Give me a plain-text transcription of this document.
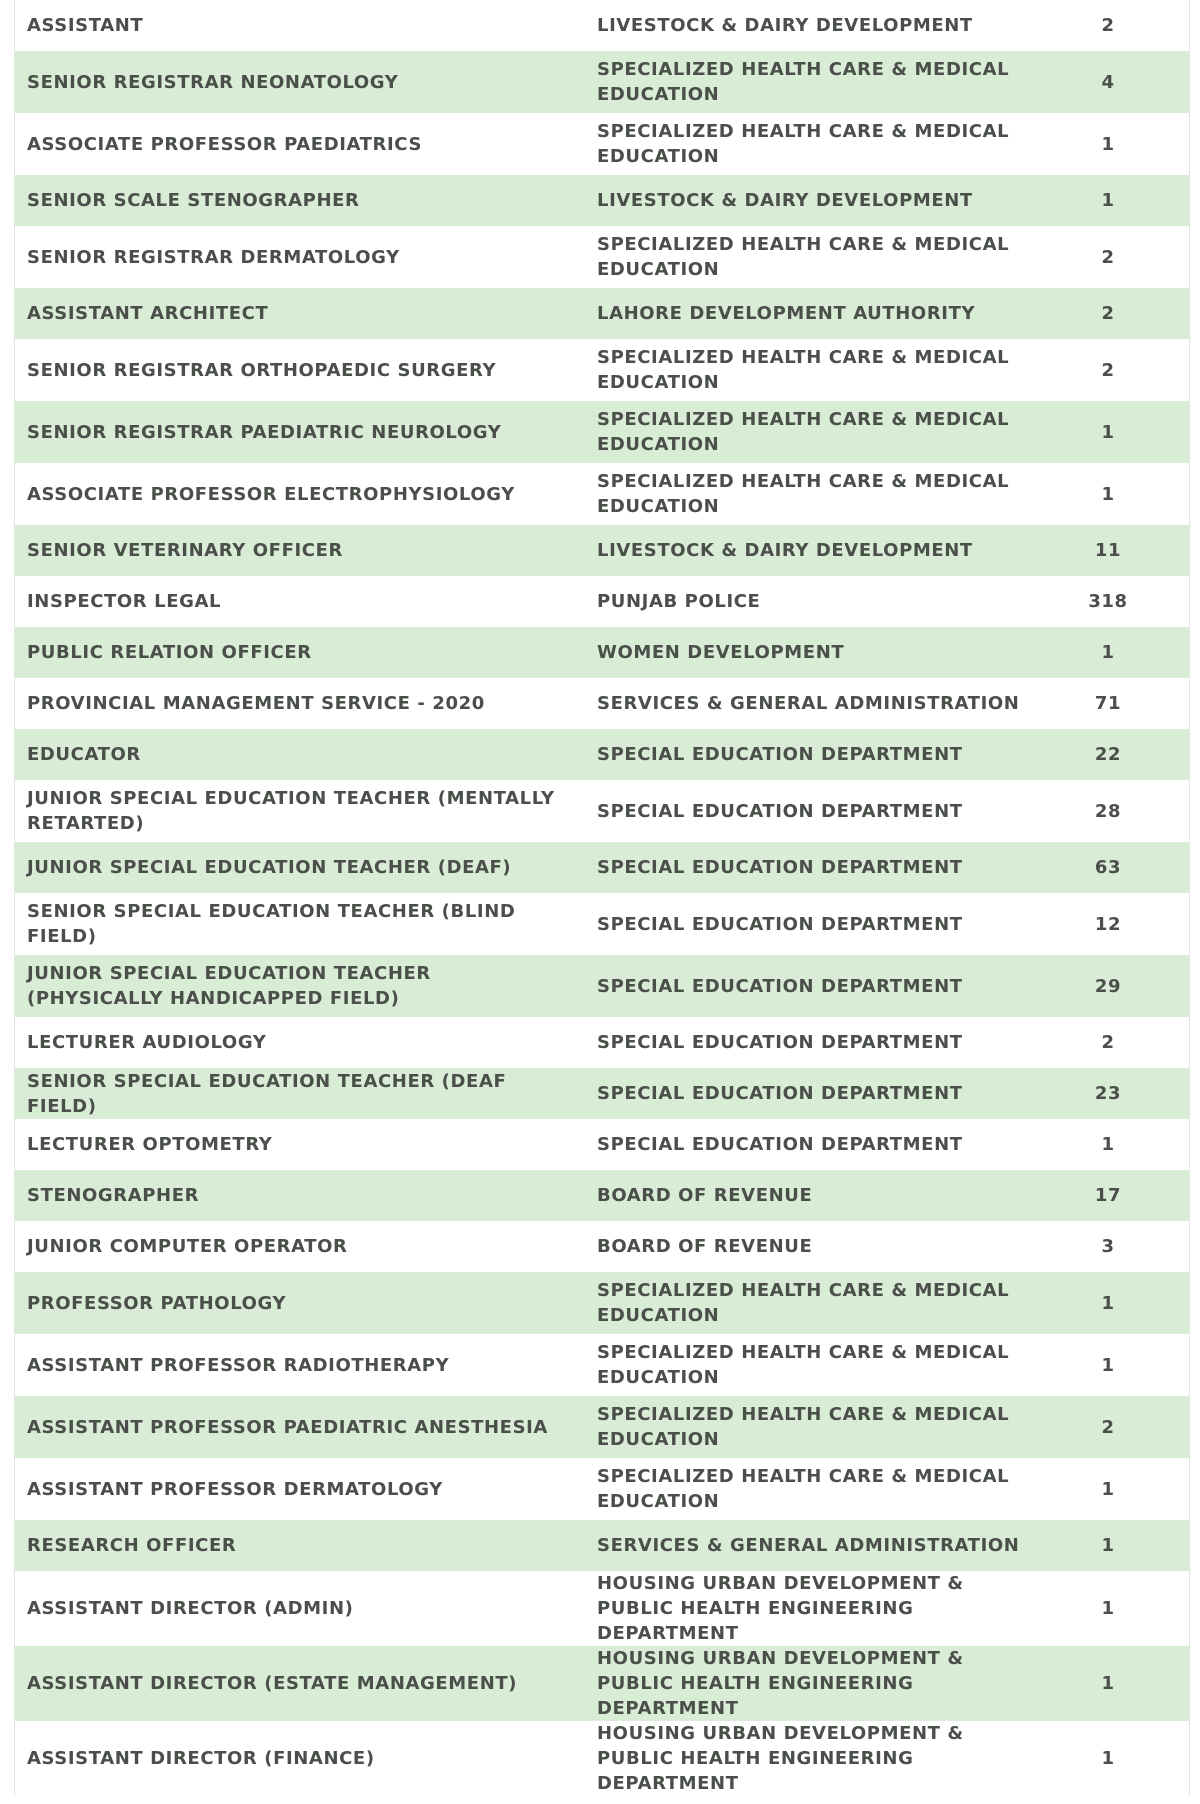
ASSISTANT	LIVESTOCK & DAIRY DEVELOPMENT	2
SENIOR REGISTRAR NEONATOLOGY	SPECIALIZED HEALTH CARE & MEDICAL EDUCATION	4
ASSOCIATE PROFESSOR PAEDIATRICS	SPECIALIZED HEALTH CARE & MEDICAL EDUCATION	1
SENIOR SCALE STENOGRAPHER	LIVESTOCK & DAIRY DEVELOPMENT	1
SENIOR REGISTRAR DERMATOLOGY	SPECIALIZED HEALTH CARE & MEDICAL EDUCATION	2
ASSISTANT ARCHITECT	LAHORE DEVELOPMENT AUTHORITY	2
SENIOR REGISTRAR ORTHOPAEDIC SURGERY	SPECIALIZED HEALTH CARE & MEDICAL EDUCATION	2
SENIOR REGISTRAR PAEDIATRIC NEUROLOGY	SPECIALIZED HEALTH CARE & MEDICAL EDUCATION	1
ASSOCIATE PROFESSOR ELECTROPHYSIOLOGY	SPECIALIZED HEALTH CARE & MEDICAL EDUCATION	1
SENIOR VETERINARY OFFICER	LIVESTOCK & DAIRY DEVELOPMENT	11
INSPECTOR LEGAL	PUNJAB POLICE	318
PUBLIC RELATION OFFICER	WOMEN DEVELOPMENT	1
PROVINCIAL MANAGEMENT SERVICE - 2020	SERVICES & GENERAL ADMINISTRATION	71
EDUCATOR	SPECIAL EDUCATION DEPARTMENT	22
JUNIOR SPECIAL EDUCATION TEACHER (MENTALLY RETARTED)	SPECIAL EDUCATION DEPARTMENT	28
JUNIOR SPECIAL EDUCATION TEACHER (DEAF)	SPECIAL EDUCATION DEPARTMENT	63
SENIOR SPECIAL EDUCATION TEACHER (BLIND FIELD)	SPECIAL EDUCATION DEPARTMENT	12
JUNIOR SPECIAL EDUCATION TEACHER (PHYSICALLY HANDICAPPED FIELD)	SPECIAL EDUCATION DEPARTMENT	29
LECTURER AUDIOLOGY	SPECIAL EDUCATION DEPARTMENT	2
SENIOR SPECIAL EDUCATION TEACHER (DEAF FIELD)	SPECIAL EDUCATION DEPARTMENT	23
LECTURER OPTOMETRY	SPECIAL EDUCATION DEPARTMENT	1
STENOGRAPHER	BOARD OF REVENUE	17
JUNIOR COMPUTER OPERATOR	BOARD OF REVENUE	3
PROFESSOR PATHOLOGY	SPECIALIZED HEALTH CARE & MEDICAL EDUCATION	1
ASSISTANT PROFESSOR RADIOTHERAPY	SPECIALIZED HEALTH CARE & MEDICAL EDUCATION	1
ASSISTANT PROFESSOR PAEDIATRIC ANESTHESIA	SPECIALIZED HEALTH CARE & MEDICAL EDUCATION	2
ASSISTANT PROFESSOR DERMATOLOGY	SPECIALIZED HEALTH CARE & MEDICAL EDUCATION	1
RESEARCH OFFICER	SERVICES & GENERAL ADMINISTRATION	1
ASSISTANT DIRECTOR (ADMIN)	HOUSING URBAN DEVELOPMENT & PUBLIC HEALTH ENGINEERING DEPARTMENT	1
ASSISTANT DIRECTOR (ESTATE MANAGEMENT)	HOUSING URBAN DEVELOPMENT & PUBLIC HEALTH ENGINEERING DEPARTMENT	1
ASSISTANT DIRECTOR (FINANCE)	HOUSING URBAN DEVELOPMENT & PUBLIC HEALTH ENGINEERING DEPARTMENT	1
